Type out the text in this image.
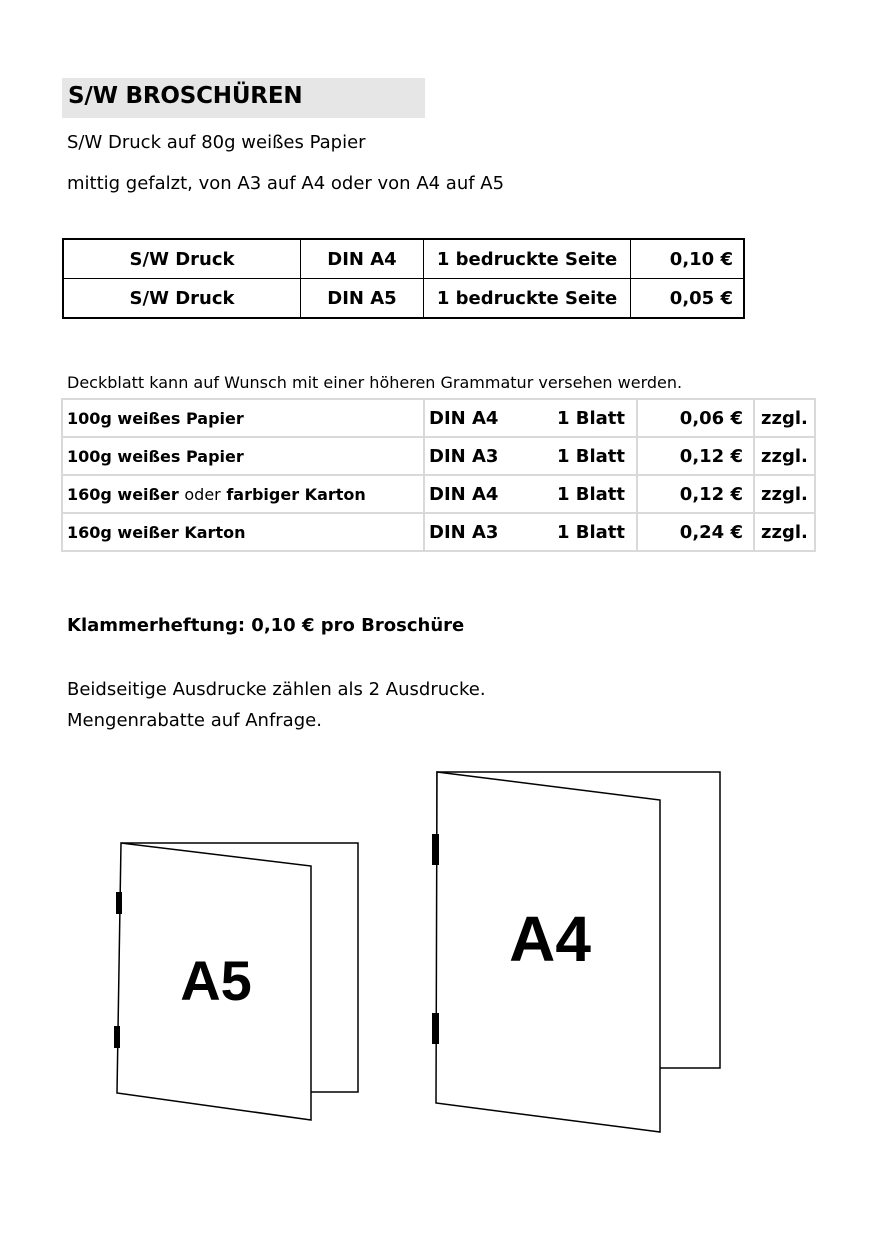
S/W BROSCHÜREN
S/W Druck auf 80g weißes Papier
mittig gefalzt, von A3 auf A4 oder von A4 auf A5
S/W Druck	DIN A4	1 bedruckte Seite	0,10 €
S/W Druck	DIN A5	1 bedruckte Seite	0,05 €
Deckblatt kann auf Wunsch mit einer höheren Grammatur versehen werden.
100g weißes Papier	DIN A4 1 Blatt	0,06 €	zzgl.
100g weißes Papier	DIN A3 1 Blatt	0,12 €	zzgl.
160g weißer oder farbiger Karton	DIN A4 1 Blatt	0,12 €	zzgl.
160g weißer Karton	DIN A3 1 Blatt	0,24 €	zzgl.
Klammerheftung: 0,10 € pro Broschüre
Beidseitige Ausdrucke zählen als 2 Ausdrucke.
Mengenrabatte auf Anfrage.
A5
A4
